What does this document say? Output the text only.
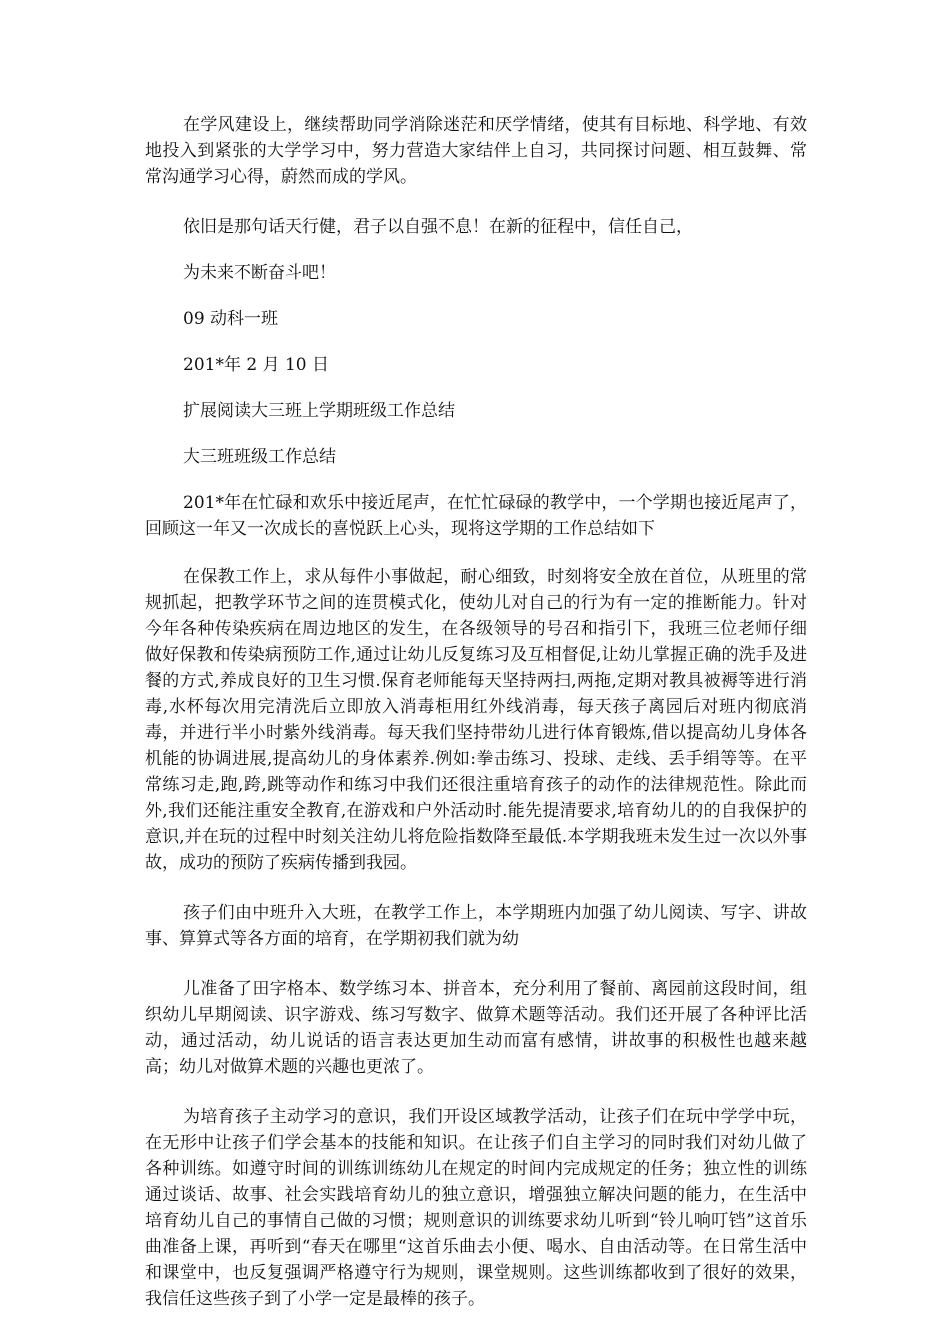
在学风建设上，继续帮助同学消除迷茫和厌学情绪，使其有目标地、科学地、有效地投入到紧张的大学学习中，努力营造大家结伴上自习，共同探讨问题、相互鼓舞、常常沟通学习心得，蔚然而成的学风。

依旧是那句话天行健，君子以自强不息！在新的征程中，信任自己，

为未来不断奋斗吧！

09 动科一班

201*年 2 月 10 日

扩展阅读大三班上学期班级工作总结

大三班班级工作总结

201*年在忙碌和欢乐中接近尾声，在忙忙碌碌的教学中，一个学期也接近尾声了，回顾这一年又一次成长的喜悦跃上心头，现将这学期的工作总结如下

在保教工作上，求从每件小事做起，耐心细致，时刻将安全放在首位，从班里的常规抓起，把教学环节之间的连贯模式化，使幼儿对自己的行为有一定的推断能力。针对今年各种传染疾病在周边地区的发生，在各级领导的号召和指引下，我班三位老师仔细做好保教和传染病预防工作,通过让幼儿反复练习及互相督促,让幼儿掌握正确的洗手及进餐的方式,养成良好的卫生习惯.保育老师能每天坚持两扫,两拖,定期对教具被褥等进行消毒,水杯每次用完清洗后立即放入消毒柜用红外线消毒，每天孩子离园后对班内彻底消毒，并进行半小时紫外线消毒。每天我们坚持带幼儿进行体育锻炼,借以提高幼儿身体各机能的协调进展,提高幼儿的身体素养.例如:拳击练习、投球、走线、丢手绢等等。在平常练习走,跑,跨,跳等动作和练习中我们还很注重培育孩子的动作的法律规范性。除此而外,我们还能注重安全教育,在游戏和户外活动时.能先提清要求,培育幼儿的的自我保护的意识,并在玩的过程中时刻关注幼儿将危险指数降至最低.本学期我班未发生过一次以外事故，成功的预防了疾病传播到我园。

孩子们由中班升入大班，在教学工作上，本学期班内加强了幼儿阅读、写字、讲故事、算算式等各方面的培育，在学期初我们就为幼

儿准备了田字格本、数学练习本、拼音本，充分利用了餐前、离园前这段时间，组织幼儿早期阅读、识字游戏、练习写数字、做算术题等活动。我们还开展了各种评比活动，通过活动，幼儿说话的语言表达更加生动而富有感情，讲故事的积极性也越来越高；幼儿对做算术题的兴趣也更浓了。

为培育孩子主动学习的意识，我们开设区域教学活动，让孩子们在玩中学学中玩，在无形中让孩子们学会基本的技能和知识。在让孩子们自主学习的同时我们对幼儿做了各种训练。如遵守时间的训练训练幼儿在规定的时间内完成规定的任务；独立性的训练通过谈话、故事、社会实践培育幼儿的独立意识，增强独立解决问题的能力，在生活中培育幼儿自己的事情自己做的习惯；规则意识的训练要求幼儿听到“铃儿响叮铛”这首乐曲准备上课，再听到“春天在哪里“这首乐曲去小便、喝水、自由活动等。在日常生活中和课堂中，也反复强调严格遵守行为规则，课堂规则。这些训练都收到了很好的效果，我信任这些孩子到了小学一定是最棒的孩子。
